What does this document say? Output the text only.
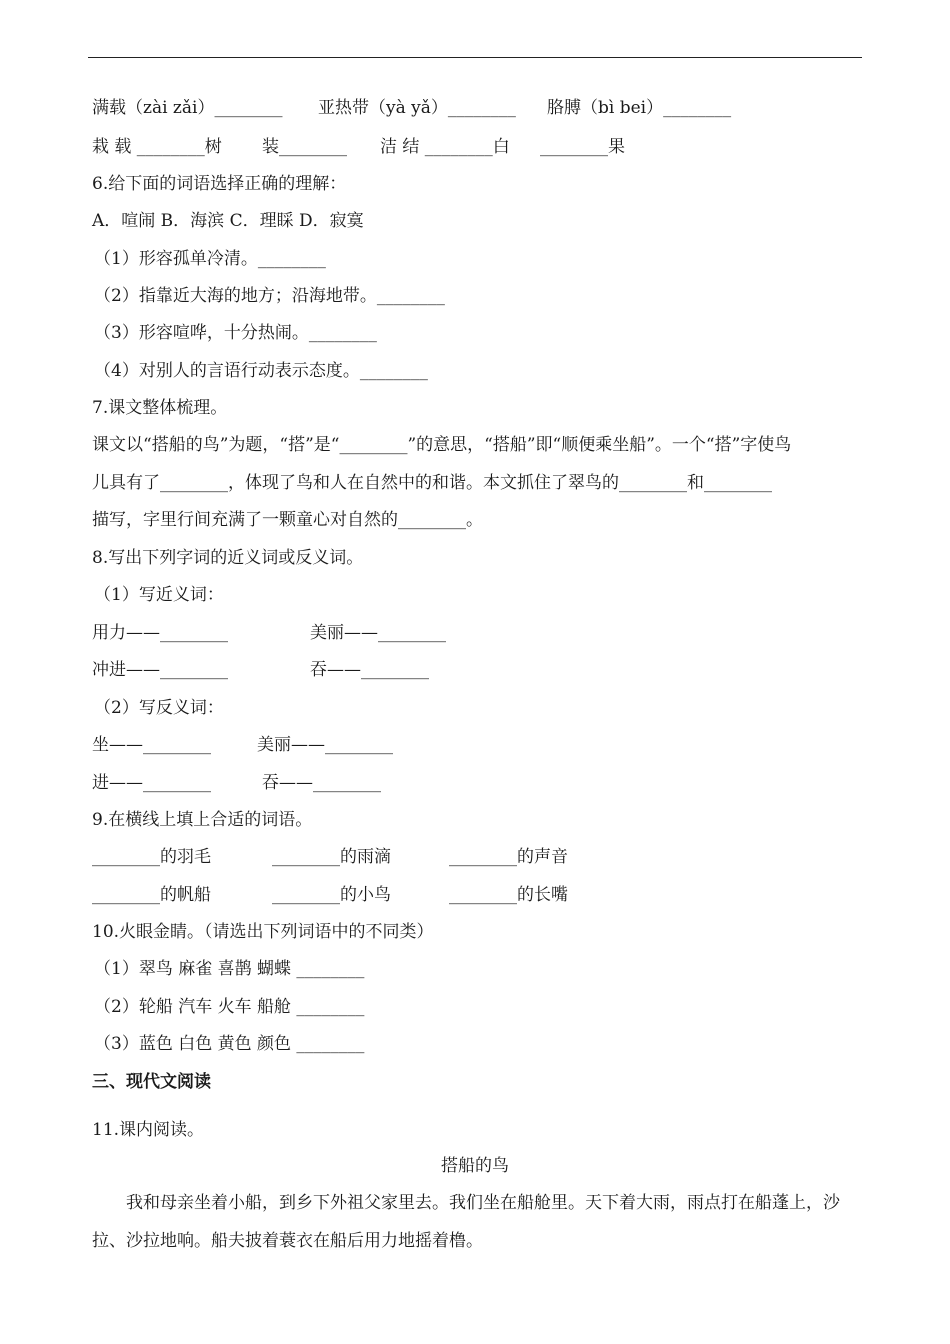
满载（zài zǎi）________ 亚热带（yà yǎ）________ 胳膊（bì bei）________
栽 载 ________树 装________ 洁 结 ________白 ________果
6.给下面的词语选择正确的理解：
A．喧闹 B．海滨 C．理睬 D．寂寞
（1）形容孤单冷清。________
（2）指靠近大海的地方；沿海地带。________
（3）形容喧哗，十分热闹。________
（4）对别人的言语行动表示态度。________
7.课文整体梳理。
课文以“搭船的鸟”为题，“搭”是“________”的意思，“搭船”即“顺便乘坐船”。一个“搭”字使鸟
儿具有了________，体现了鸟和人在自然中的和谐。本文抓住了翠鸟的________和________
描写，字里行间充满了一颗童心对自然的________。
8.写出下列字词的近义词或反义词。
（1）写近义词：
用力——________	美丽——________
冲进——________	吞——________
（2）写反义词：
坐——________	美丽——________
进——________	吞——________
9.在横线上填上合适的词语。
________的羽毛	________的雨滴	________的声音
________的帆船	________的小鸟	________的长嘴
10.火眼金睛。（请选出下列词语中的不同类）
（1）翠鸟 麻雀 喜鹊 蝴蝶 ________
（2）轮船 汽车 火车 船舱 ________
（3）蓝色 白色 黄色 颜色 ________
三、现代文阅读
11.课内阅读。
搭船的鸟
我和母亲坐着小船，到乡下外祖父家里去。我们坐在船舱里。天下着大雨，雨点打在船蓬上，沙拉、沙拉地响。船夫披着蓑衣在船后用力地摇着橹。
